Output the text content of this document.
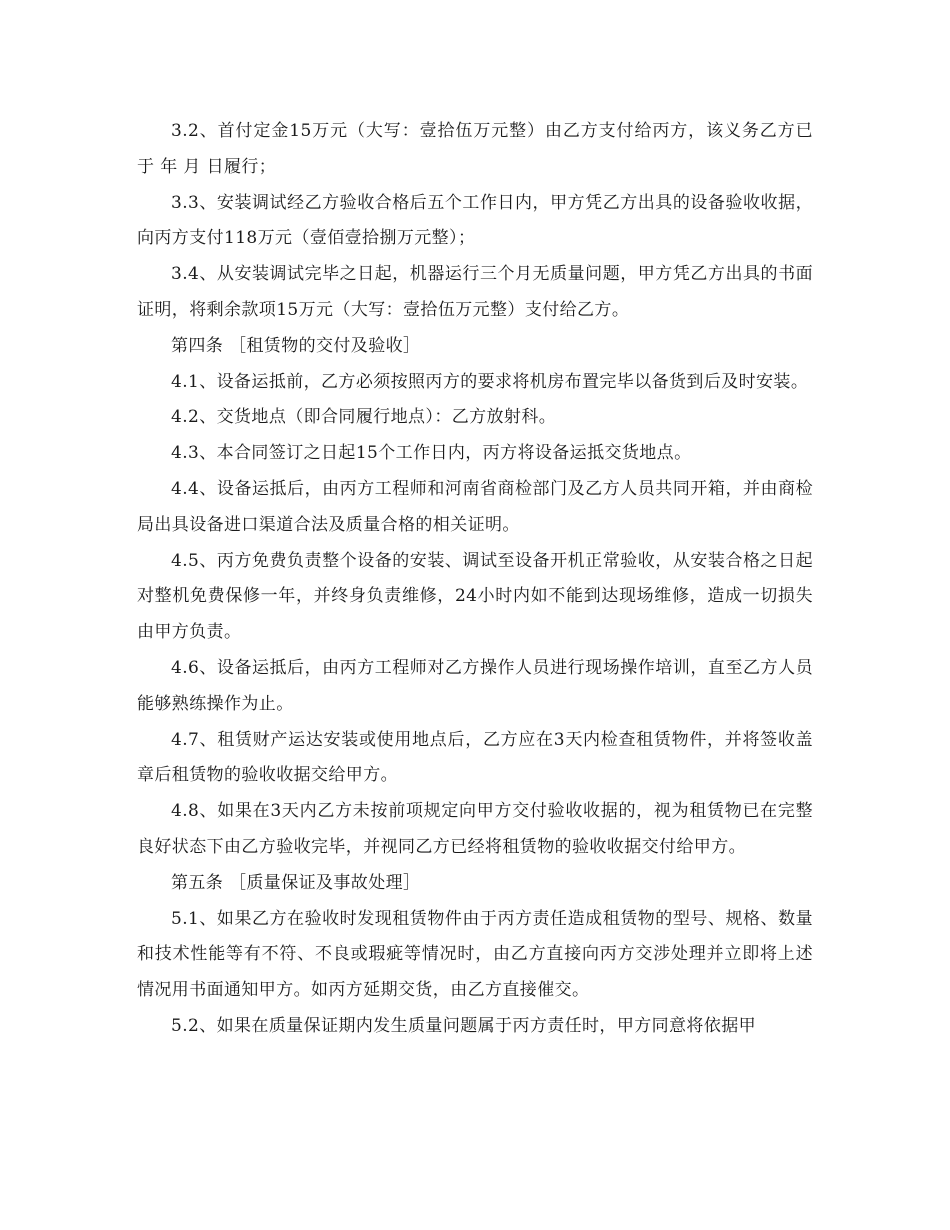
3.2、首付定金15万元（大写：壹拾伍万元整）由乙方支付给丙方，该义务乙方已于 年 月 日履行；

3.3、安装调试经乙方验收合格后五个工作日内，甲方凭乙方出具的设备验收收据，向丙方支付118万元（壹佰壹拾捌万元整）；

3.4、从安装调试完毕之日起，机器运行三个月无质量问题，甲方凭乙方出具的书面证明，将剩余款项15万元（大写：壹拾伍万元整）支付给乙方。

第四条 ［租赁物的交付及验收］

4.1、设备运抵前，乙方必须按照丙方的要求将机房布置完毕以备货到后及时安装。

4.2、交货地点（即合同履行地点）：乙方放射科。

4.3、本合同签订之日起15个工作日内，丙方将设备运抵交货地点。

4.4、设备运抵后，由丙方工程师和河南省商检部门及乙方人员共同开箱，并由商检局出具设备进口渠道合法及质量合格的相关证明。

4.5、丙方免费负责整个设备的安装、调试至设备开机正常验收，从安装合格之日起对整机免费保修一年，并终身负责维修，24小时内如不能到达现场维修，造成一切损失由甲方负责。

4.6、设备运抵后，由丙方工程师对乙方操作人员进行现场操作培训，直至乙方人员能够熟练操作为止。

4.7、租赁财产运达安装或使用地点后，乙方应在3天内检查租赁物件，并将签收盖章后租赁物的验收收据交给甲方。

4.8、如果在3天内乙方未按前项规定向甲方交付验收收据的，视为租赁物已在完整良好状态下由乙方验收完毕，并视同乙方已经将租赁物的验收收据交付给甲方。

第五条 ［质量保证及事故处理］

5.1、如果乙方在验收时发现租赁物件由于丙方责任造成租赁物的型号、规格、数量和技术性能等有不符、不良或瑕疵等情况时，由乙方直接向丙方交涉处理并立即将上述情况用书面通知甲方。如丙方延期交货，由乙方直接催交。

5.2、如果在质量保证期内发生质量问题属于丙方责任时，甲方同意将依据甲
